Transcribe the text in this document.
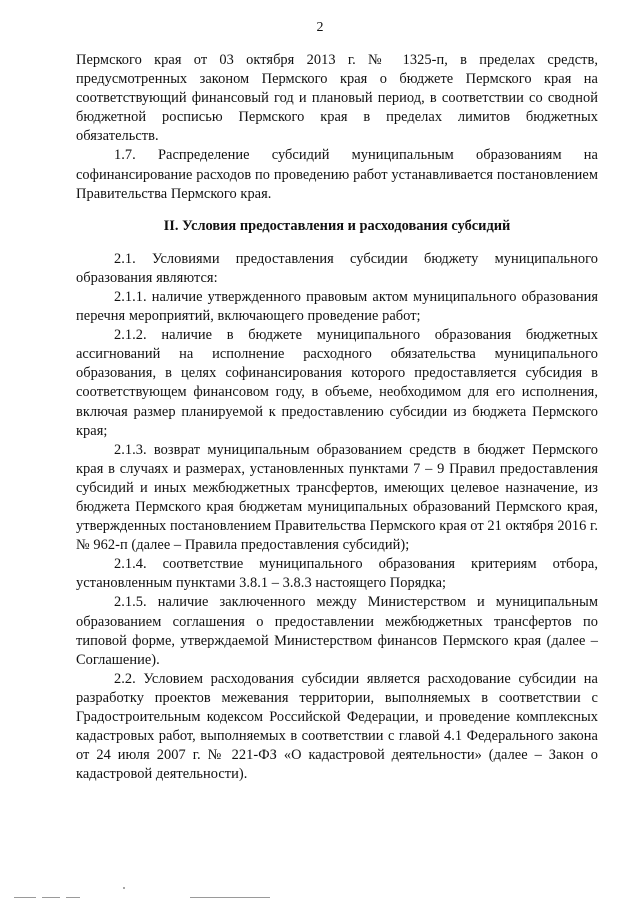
2

Пермского края от 03 октября 2013 г. № 1325-п, в пределах средств, предусмотренных законом Пермского края о бюджете Пермского края на соответствующий финансовый год и плановый период, в соответствии со сводной бюджетной росписью Пермского края в пределах лимитов бюджетных обязательств.

1.7. Распределение субсидий муниципальным образованиям на софинансирование расходов по проведению работ устанавливается постановлением Правительства Пермского края.

II. Условия предоставления и расходования субсидий

2.1. Условиями предоставления субсидии бюджету муниципального образования являются:

2.1.1. наличие утвержденного правовым актом муниципального образования перечня мероприятий, включающего проведение работ;

2.1.2. наличие в бюджете муниципального образования бюджетных ассигнований на исполнение расходного обязательства муниципального образования, в целях софинансирования которого предоставляется субсидия в соответствующем финансовом году, в объеме, необходимом для его исполнения, включая размер планируемой к предоставлению субсидии из бюджета Пермского края;

2.1.3. возврат муниципальным образованием средств в бюджет Пермского края в случаях и размерах, установленных пунктами 7 – 9 Правил предоставления субсидий и иных межбюджетных трансфертов, имеющих целевое назначение, из бюджета Пермского края бюджетам муниципальных образований Пермского края, утвержденных постановлением Правительства Пермского края от 21 октября 2016 г. № 962-п (далее – Правила предоставления субсидий);

2.1.4. соответствие муниципального образования критериям отбора, установленным пунктами 3.8.1 – 3.8.3 настоящего Порядка;

2.1.5. наличие заключенного между Министерством и муниципальным образованием соглашения о предоставлении межбюджетных трансфертов по типовой форме, утверждаемой Министерством финансов Пермского края (далее – Соглашение).

2.2. Условием расходования субсидии является расходование субсидии на разработку проектов межевания территории, выполняемых в соответствии с Градостроительным кодексом Российской Федерации, и проведение комплексных кадастровых работ, выполняемых в соответствии с главой 4.1 Федерального закона от 24 июля 2007 г. № 221-ФЗ «О кадастровой деятельности» (далее – Закон о кадастровой деятельности).
